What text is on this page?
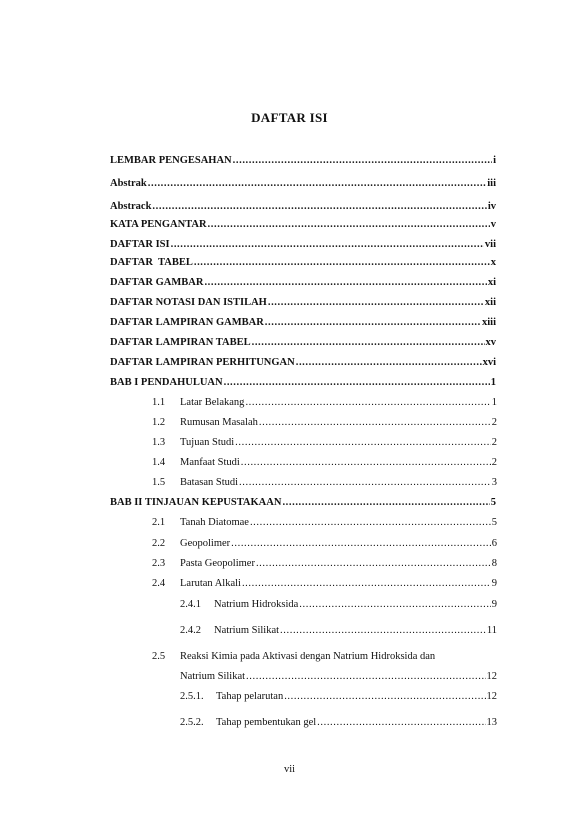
DAFTAR ISI
LEMBAR PENGESAHAN .....	i
Abstrak .....	iii
Abstrack .....	iv
KATA PENGANTAR .....	v
DAFTAR ISI .....	vii
DAFTAR  TABEL .....	x
DAFTAR GAMBAR .....	xi
DAFTAR NOTASI DAN ISTILAH .....	xii
DAFTAR LAMPIRAN GAMBAR .....	xiii
DAFTAR LAMPIRAN TABEL .....	xv
DAFTAR LAMPIRAN PERHITUNGAN .....	xvi
BAB I PENDAHULUAN .....	1
1.1	Latar Belakang .....	1
1.2	Rumusan Masalah .....	2
1.3	Tujuan Studi .....	2
1.4	Manfaat Studi .....	2
1.5	Batasan Studi .....	3
BAB II TINJAUAN KEPUSTAKAAN .....	5
2.1	Tanah Diatomae .....	5
2.2	Geopolimer .....	6
2.3	Pasta Geopolimer .....	8
2.4	Larutan Alkali .....	9
2.4.1	Natrium Hidroksida .....	9
2.4.2	Natrium Silikat .....	11
2.5 Reaksi Kimia pada Aktivasi dengan Natrium Hidroksida dan
Natrium Silikat .....	12
2.5.1.	Tahap pelarutan .....	12
2.5.2.	Tahap pembentukan gel .....	13
vii
